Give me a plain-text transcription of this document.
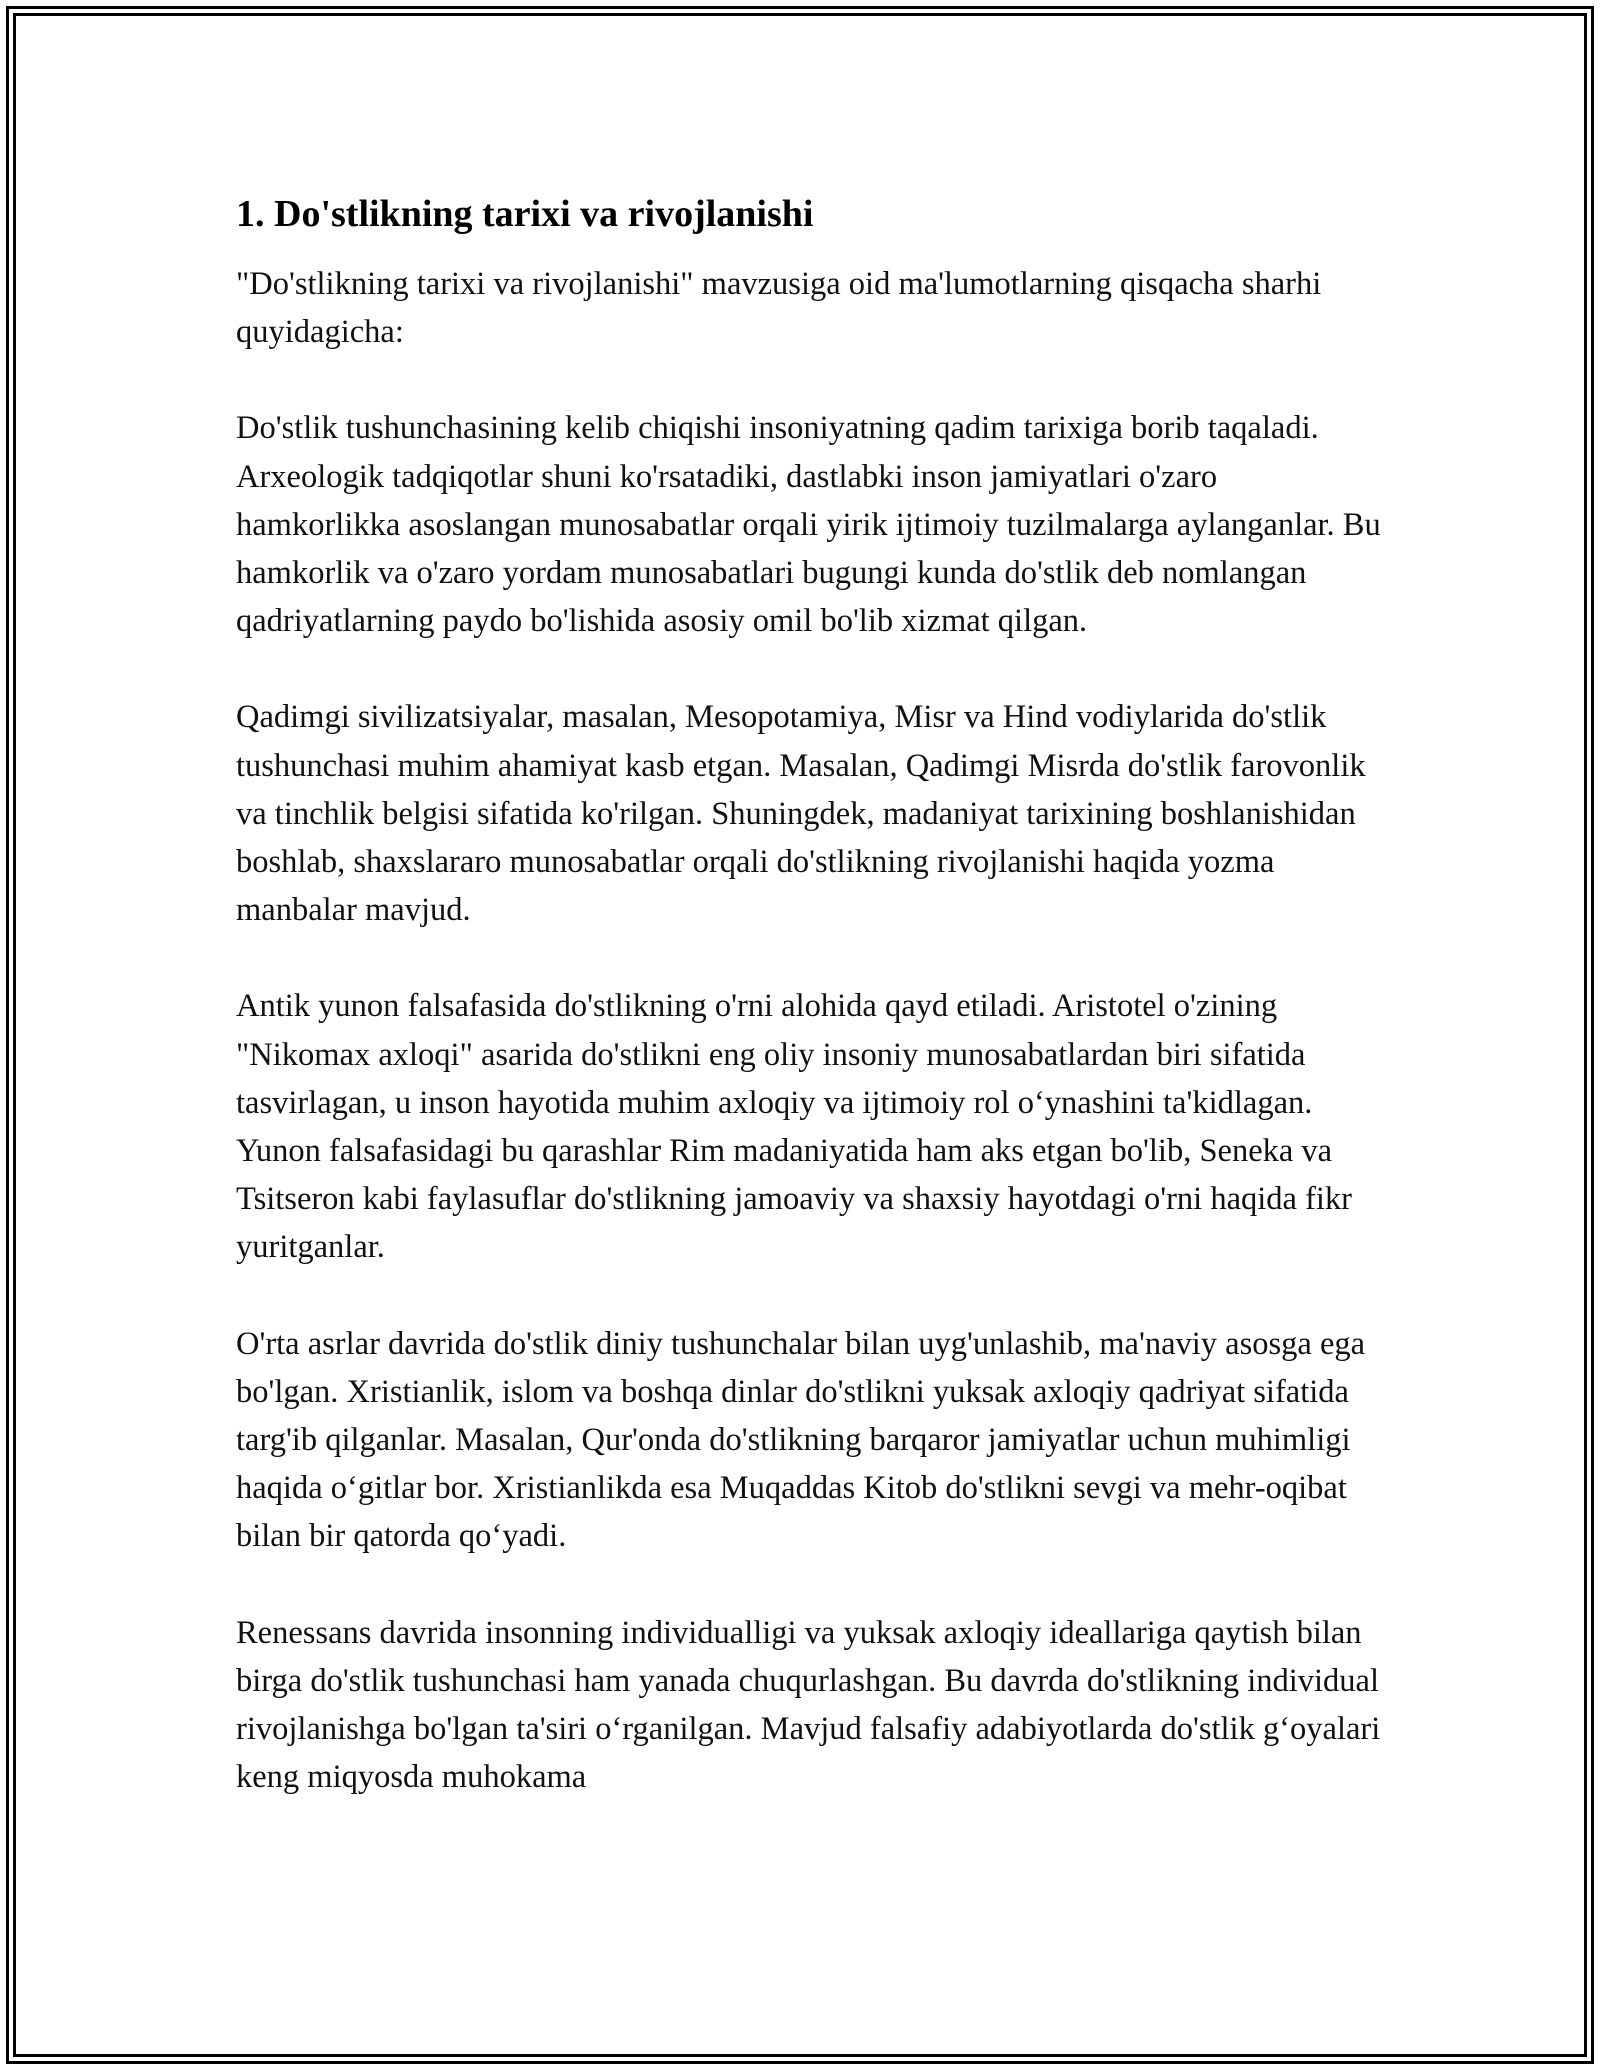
1. Do'stlikning tarixi va rivojlanishi

"Do'stlikning tarixi va rivojlanishi" mavzusiga oid ma'lumotlarning qisqacha sharhi quyidagicha:

Do'stlik tushunchasining kelib chiqishi insoniyatning qadim tarixiga borib taqaladi. Arxeologik tadqiqotlar shuni ko'rsatadiki, dastlabki inson jamiyatlari o'zaro hamkorlikka asoslangan munosabatlar orqali yirik ijtimoiy tuzilmalarga aylanganlar. Bu hamkorlik va o'zaro yordam munosabatlari bugungi kunda do'stlik deb nomlangan qadriyatlarning paydo bo'lishida asosiy omil bo'lib xizmat qilgan.

Qadimgi sivilizatsiyalar, masalan, Mesopotamiya, Misr va Hind vodiylarida do'stlik tushunchasi muhim ahamiyat kasb etgan. Masalan, Qadimgi Misrda do'stlik farovonlik va tinchlik belgisi sifatida ko'rilgan. Shuningdek, madaniyat tarixining boshlanishidan boshlab, shaxslararo munosabatlar orqali do'stlikning rivojlanishi haqida yozma manbalar mavjud.

Antik yunon falsafasida do'stlikning o'rni alohida qayd etiladi. Aristotel o'zining "Nikomax axloqi" asarida do'stlikni eng oliy insoniy munosabatlardan biri sifatida tasvirlagan, u inson hayotida muhim axloqiy va ijtimoiy rol o‘ynashini ta'kidlagan. Yunon falsafasidagi bu qarashlar Rim madaniyatida ham aks etgan bo'lib, Seneka va Tsitseron kabi faylasuflar do'stlikning jamoaviy va shaxsiy hayotdagi o'rni haqida fikr yuritganlar.

O'rta asrlar davrida do'stlik diniy tushunchalar bilan uyg'unlashib, ma'naviy asosga ega bo'lgan. Xristianlik, islom va boshqa dinlar do'stlikni yuksak axloqiy qadriyat sifatida targ'ib qilganlar. Masalan, Qur'onda do'stlikning barqaror jamiyatlar uchun muhimligi haqida o‘gitlar bor. Xristianlikda esa Muqaddas Kitob do'stlikni sevgi va mehr-oqibat bilan bir qatorda qo‘yadi.

Renessans davrida insonning individualligi va yuksak axloqiy ideallariga qaytish bilan birga do'stlik tushunchasi ham yanada chuqurlashgan. Bu davrda do'stlikning individual rivojlanishga bo'lgan ta'siri o‘rganilgan. Mavjud falsafiy adabiyotlarda do'stlik g‘oyalari keng miqyosda muhokama
